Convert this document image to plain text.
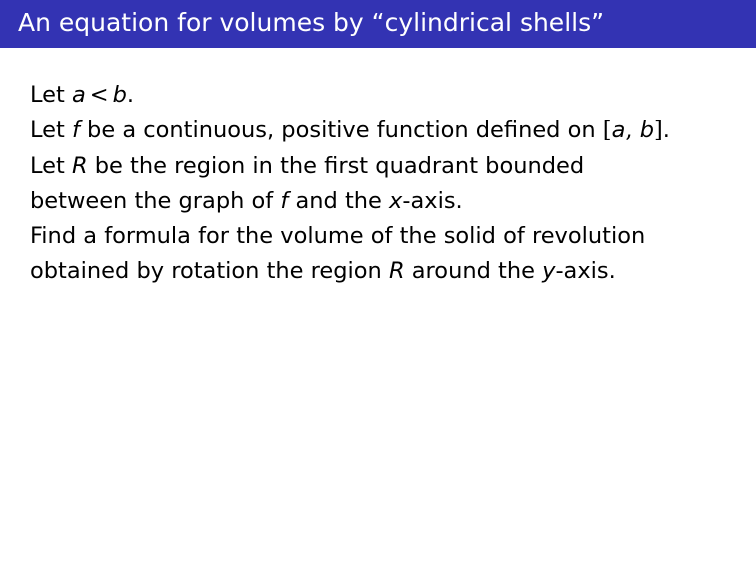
An equation for volumes by “cylindrical shells”
Let a < b.
Let f be a continuous, positive function defined on [a, b].
Let R be the region in the first quadrant bounded
between the graph of f and the x-axis.
Find a formula for the volume of the solid of revolution
obtained by rotation the region R around the y-axis.
